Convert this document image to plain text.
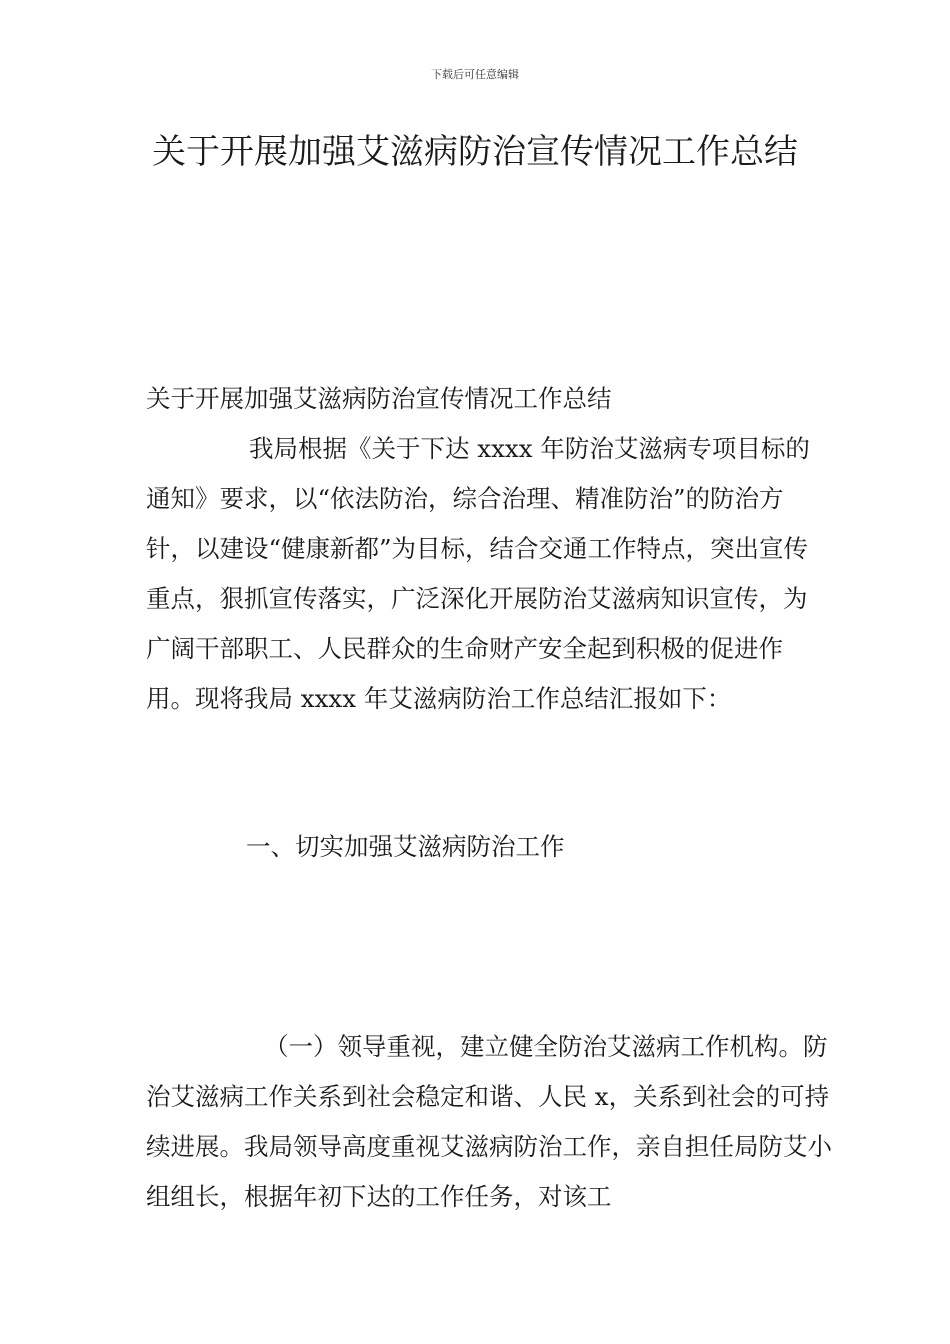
下载后可任意编辑
关于开展加强艾滋病防治宣传情况工作总结
关于开展加强艾滋病防治宣传情况工作总结
我局根据《关于下达 xxxx 年防治艾滋病专项目标的通知》要求，以“依法防治，综合治理、精准防治”的防治方针，以建设“健康新都”为目标，结合交通工作特点，突出宣传重点，狠抓宣传落实，广泛深化开展防治艾滋病知识宣传，为广阔干部职工、人民群众的生命财产安全起到积极的促进作用。现将我局 xxxx 年艾滋病防治工作总结汇报如下：
一、切实加强艾滋病防治工作
（一）领导重视，建立健全防治艾滋病工作机构。防治艾滋病工作关系到社会稳定和谐、人民 x，关系到社会的可持续进展。我局领导高度重视艾滋病防治工作，亲自担任局防艾小组组长，根据年初下达的工作任务，对该工
